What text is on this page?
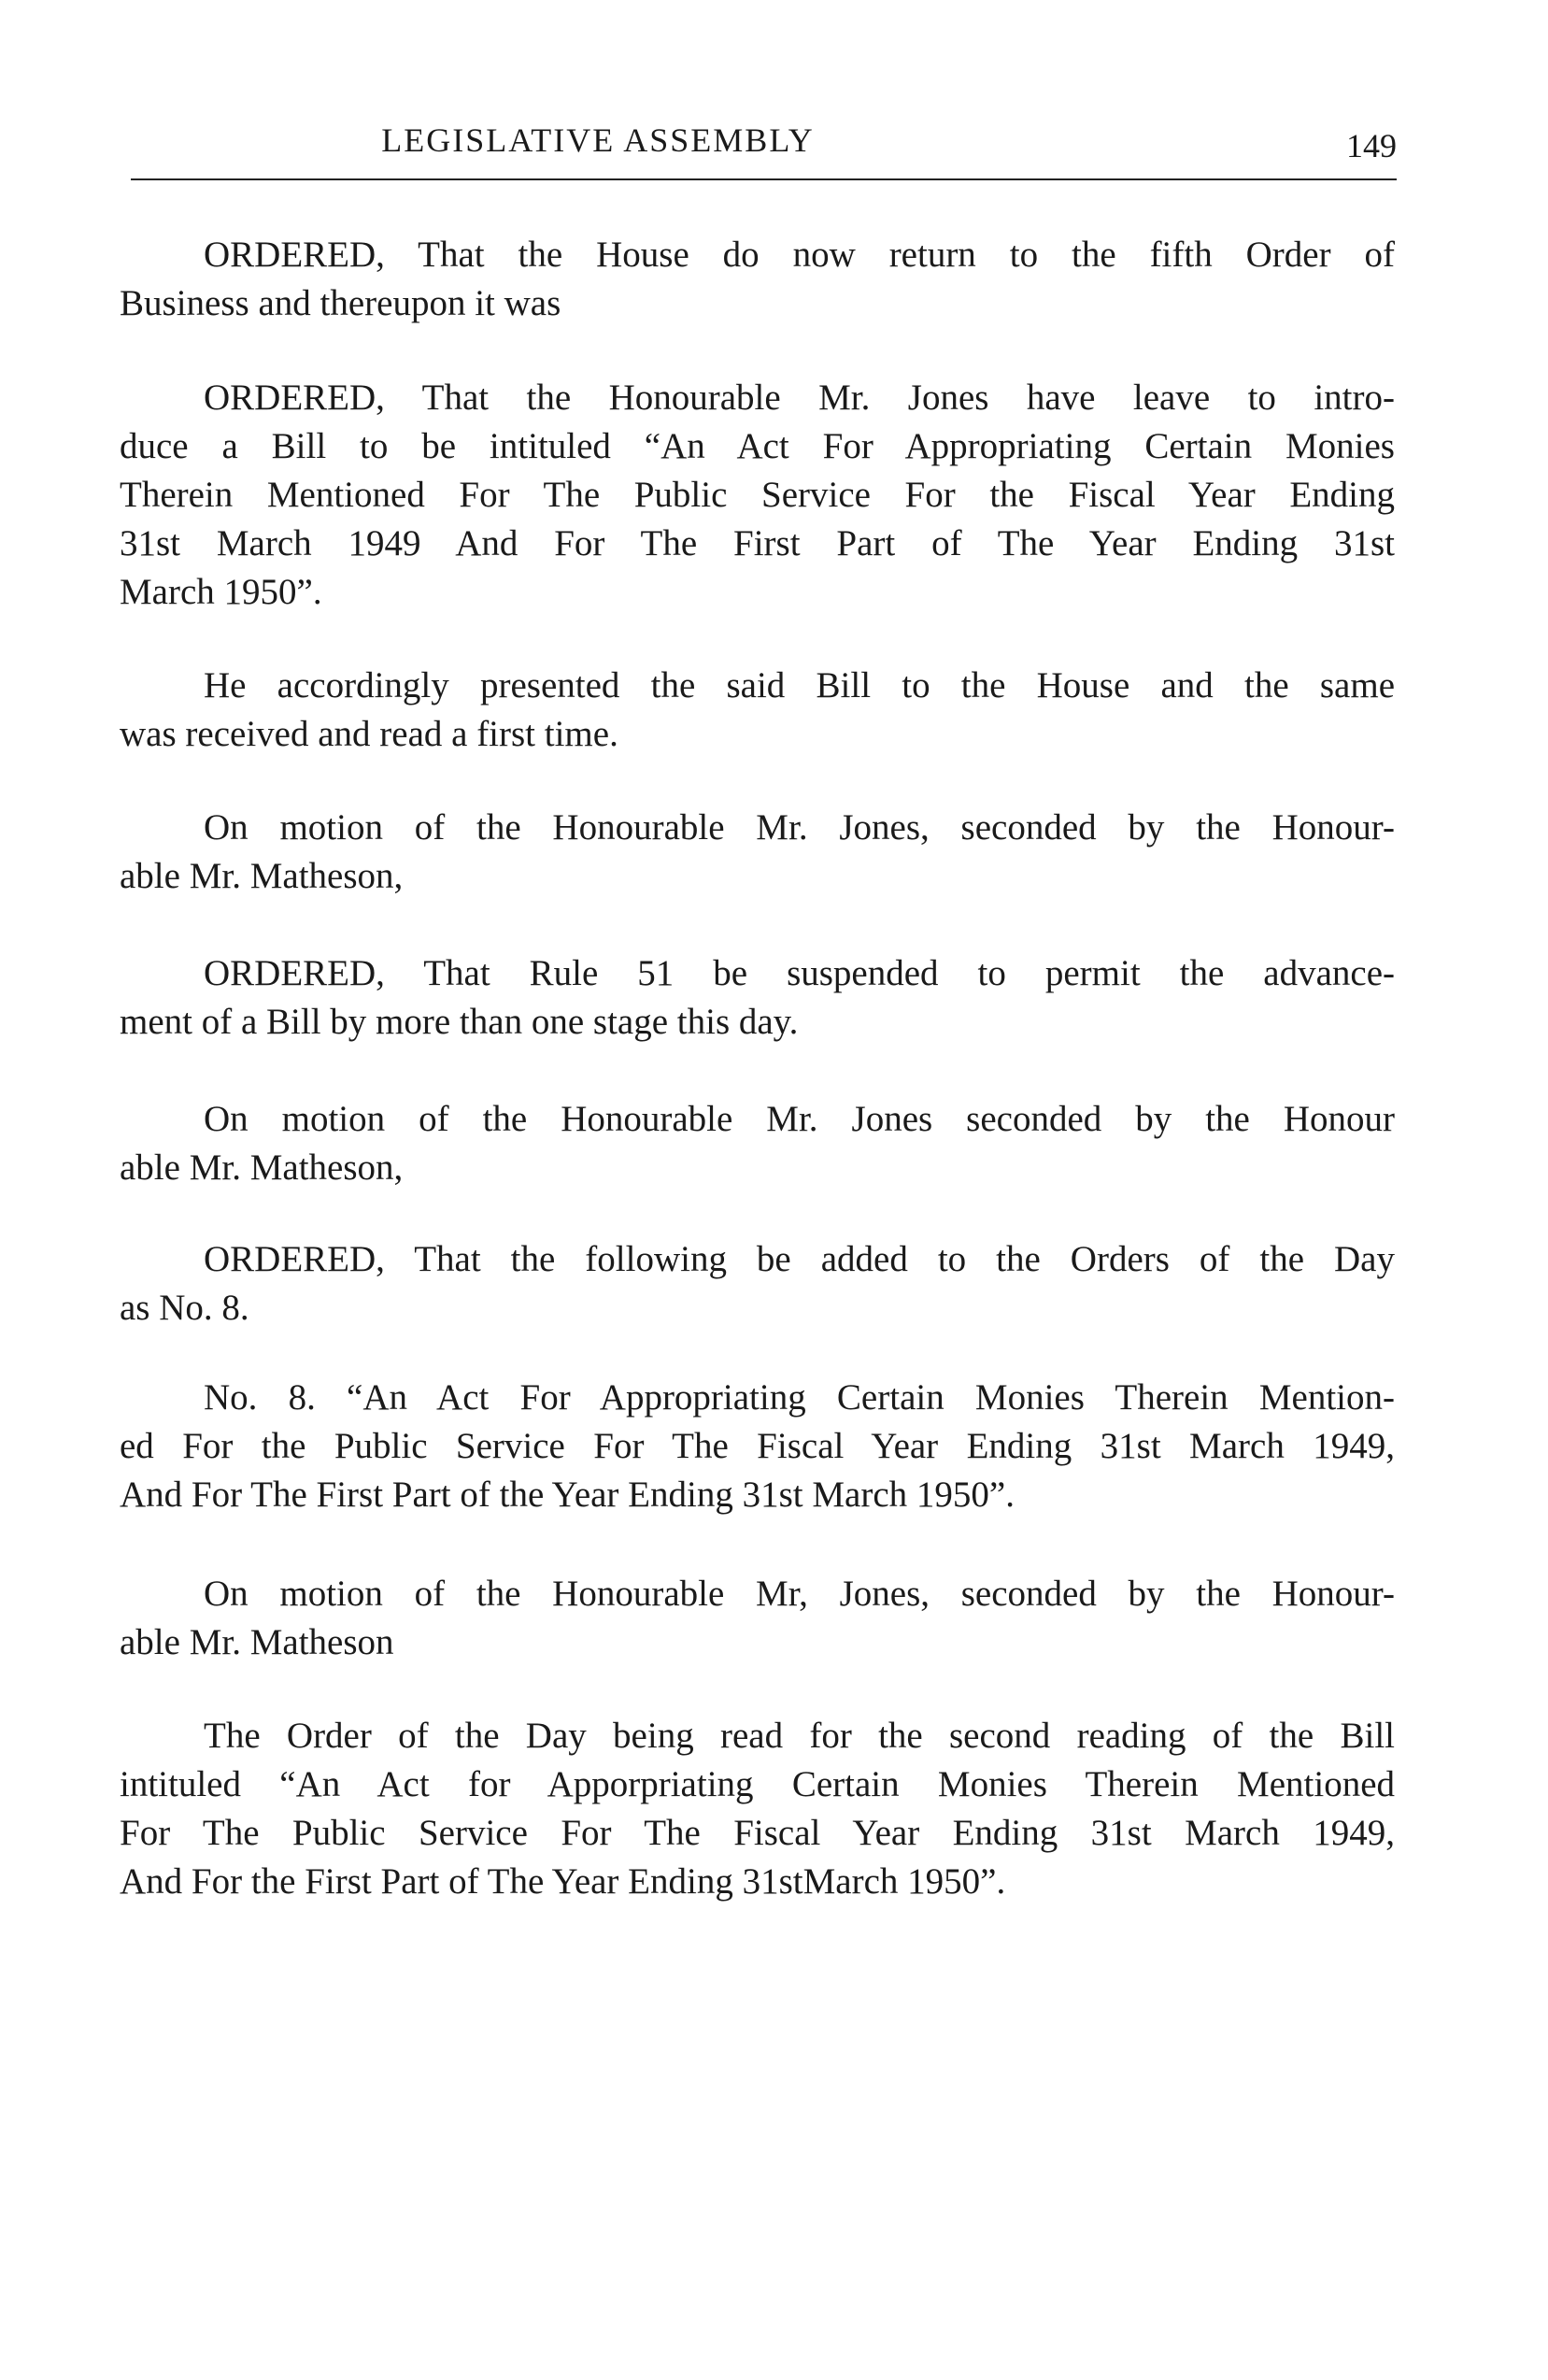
LEGISLATIVE ASSEMBLY	149
ORDERED, That the House do now return to the fifth Order of
Business and thereupon it was
ORDERED, That the Honourable Mr. Jones have leave to intro-
duce a Bill to be intituled “An Act For Appropriating Certain Monies
Therein Mentioned For The Public Service For the Fiscal Year Ending
31st March 1949 And For The First Part of The Year Ending 31st
March 1950”.
He accordingly presented the said Bill to the House and the same
was received and read a first time.
On motion of the Honourable Mr. Jones, seconded by the Honour-
able Mr. Matheson,
ORDERED, That Rule 51 be suspended to permit the advance-
ment of a Bill by more than one stage this day.
On motion of the Honourable Mr. Jones seconded by the Honour
able Mr. Matheson,
ORDERED, That the following be added to the Orders of the Day
as No. 8.
No. 8. “An Act For Appropriating Certain Monies Therein Mention-
ed For the Public Service For The Fiscal Year Ending 31st March 1949,
And For The First Part of the Year Ending 31st March 1950”.
On motion of the Honourable Mr, Jones, seconded by the Honour-
able Mr. Matheson
The Order of the Day being read for the second reading of the Bill
intituled “An Act for Apporpriating Certain Monies Therein Mentioned
For The Public Service For The Fiscal Year Ending 31st March 1949,
And For the First Part of The Year Ending 31stMarch 1950”.
